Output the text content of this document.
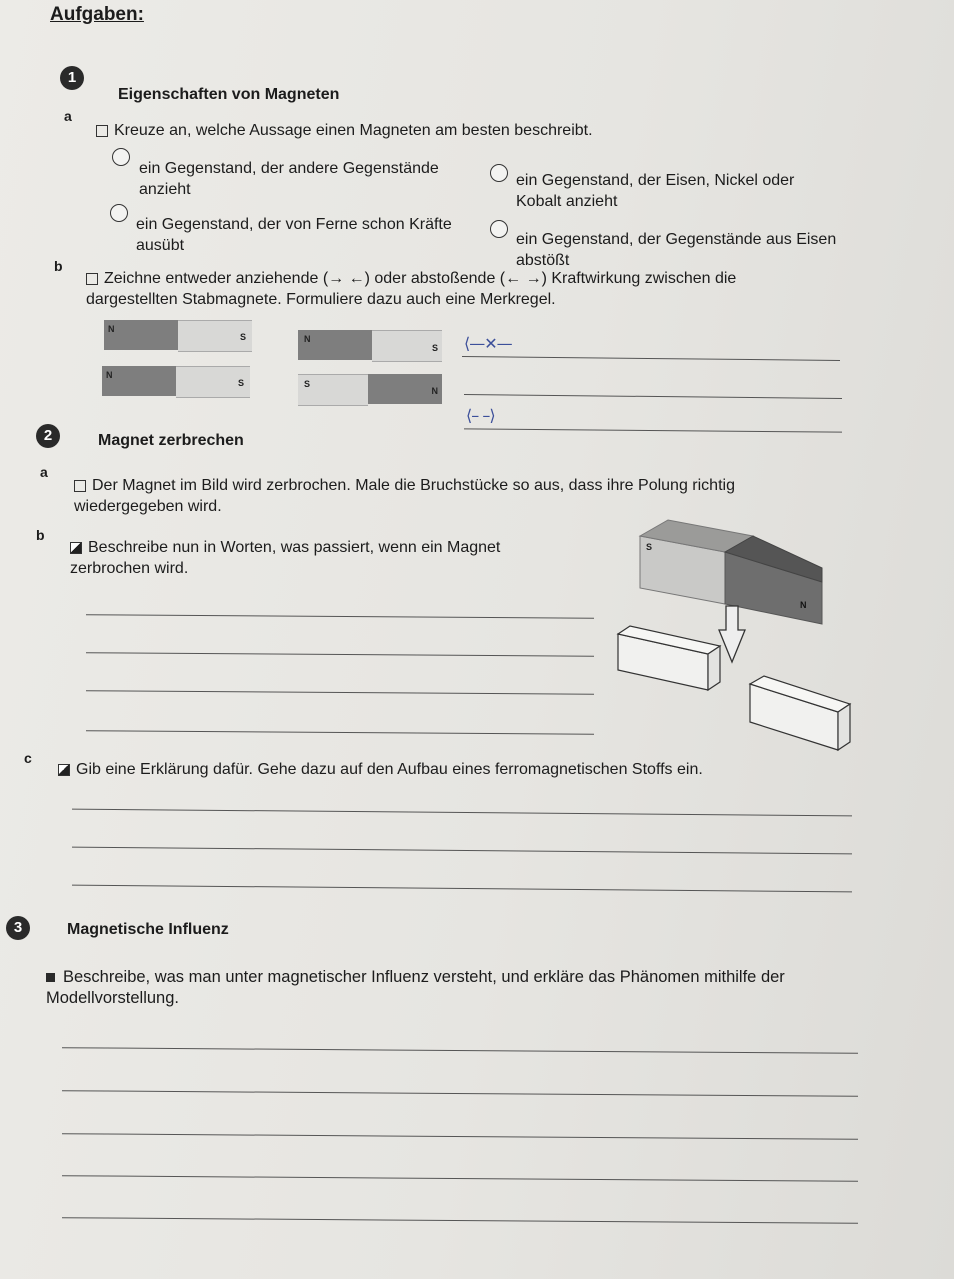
Aufgaben:
1
Eigenschaften von Magneten
a
Kreuze an, welche Aussage einen Magneten am besten beschreibt.
ein Gegenstand, der andere Gegenstände anzieht
ein Gegenstand, der Eisen, Nickel oder Kobalt anzieht
ein Gegenstand, der von Ferne schon Kräfte ausübt	ein Gegenstand, der Gegenstände aus Eisen abstößt
b
Zeichne entweder anziehende (→ ←) oder abstoßende (← →) Kraftwirkung zwischen die dargestellten Stabmagnete. Formuliere dazu auch eine Merkregel.
N
S	N
S ⟨—✕—
N
S	S
N
⟨– –⟩
2	Magnet zerbrechen
a
Der Magnet im Bild wird zerbrochen. Male die Bruchstücke so aus, dass ihre Polung richtig wiedergegeben wird.
b
Beschreibe nun in Worten, was passiert, wenn ein Magnet zerbrochen wird.
S
N
c
Gib eine Erklärung dafür. Gehe dazu auf den Aufbau eines ferromagnetischen Stoffs ein.
3	Magnetische Influenz
Beschreibe, was man unter magnetischer Influenz versteht, und erkläre das Phänomen mithilfe der Modellvorstellung.
